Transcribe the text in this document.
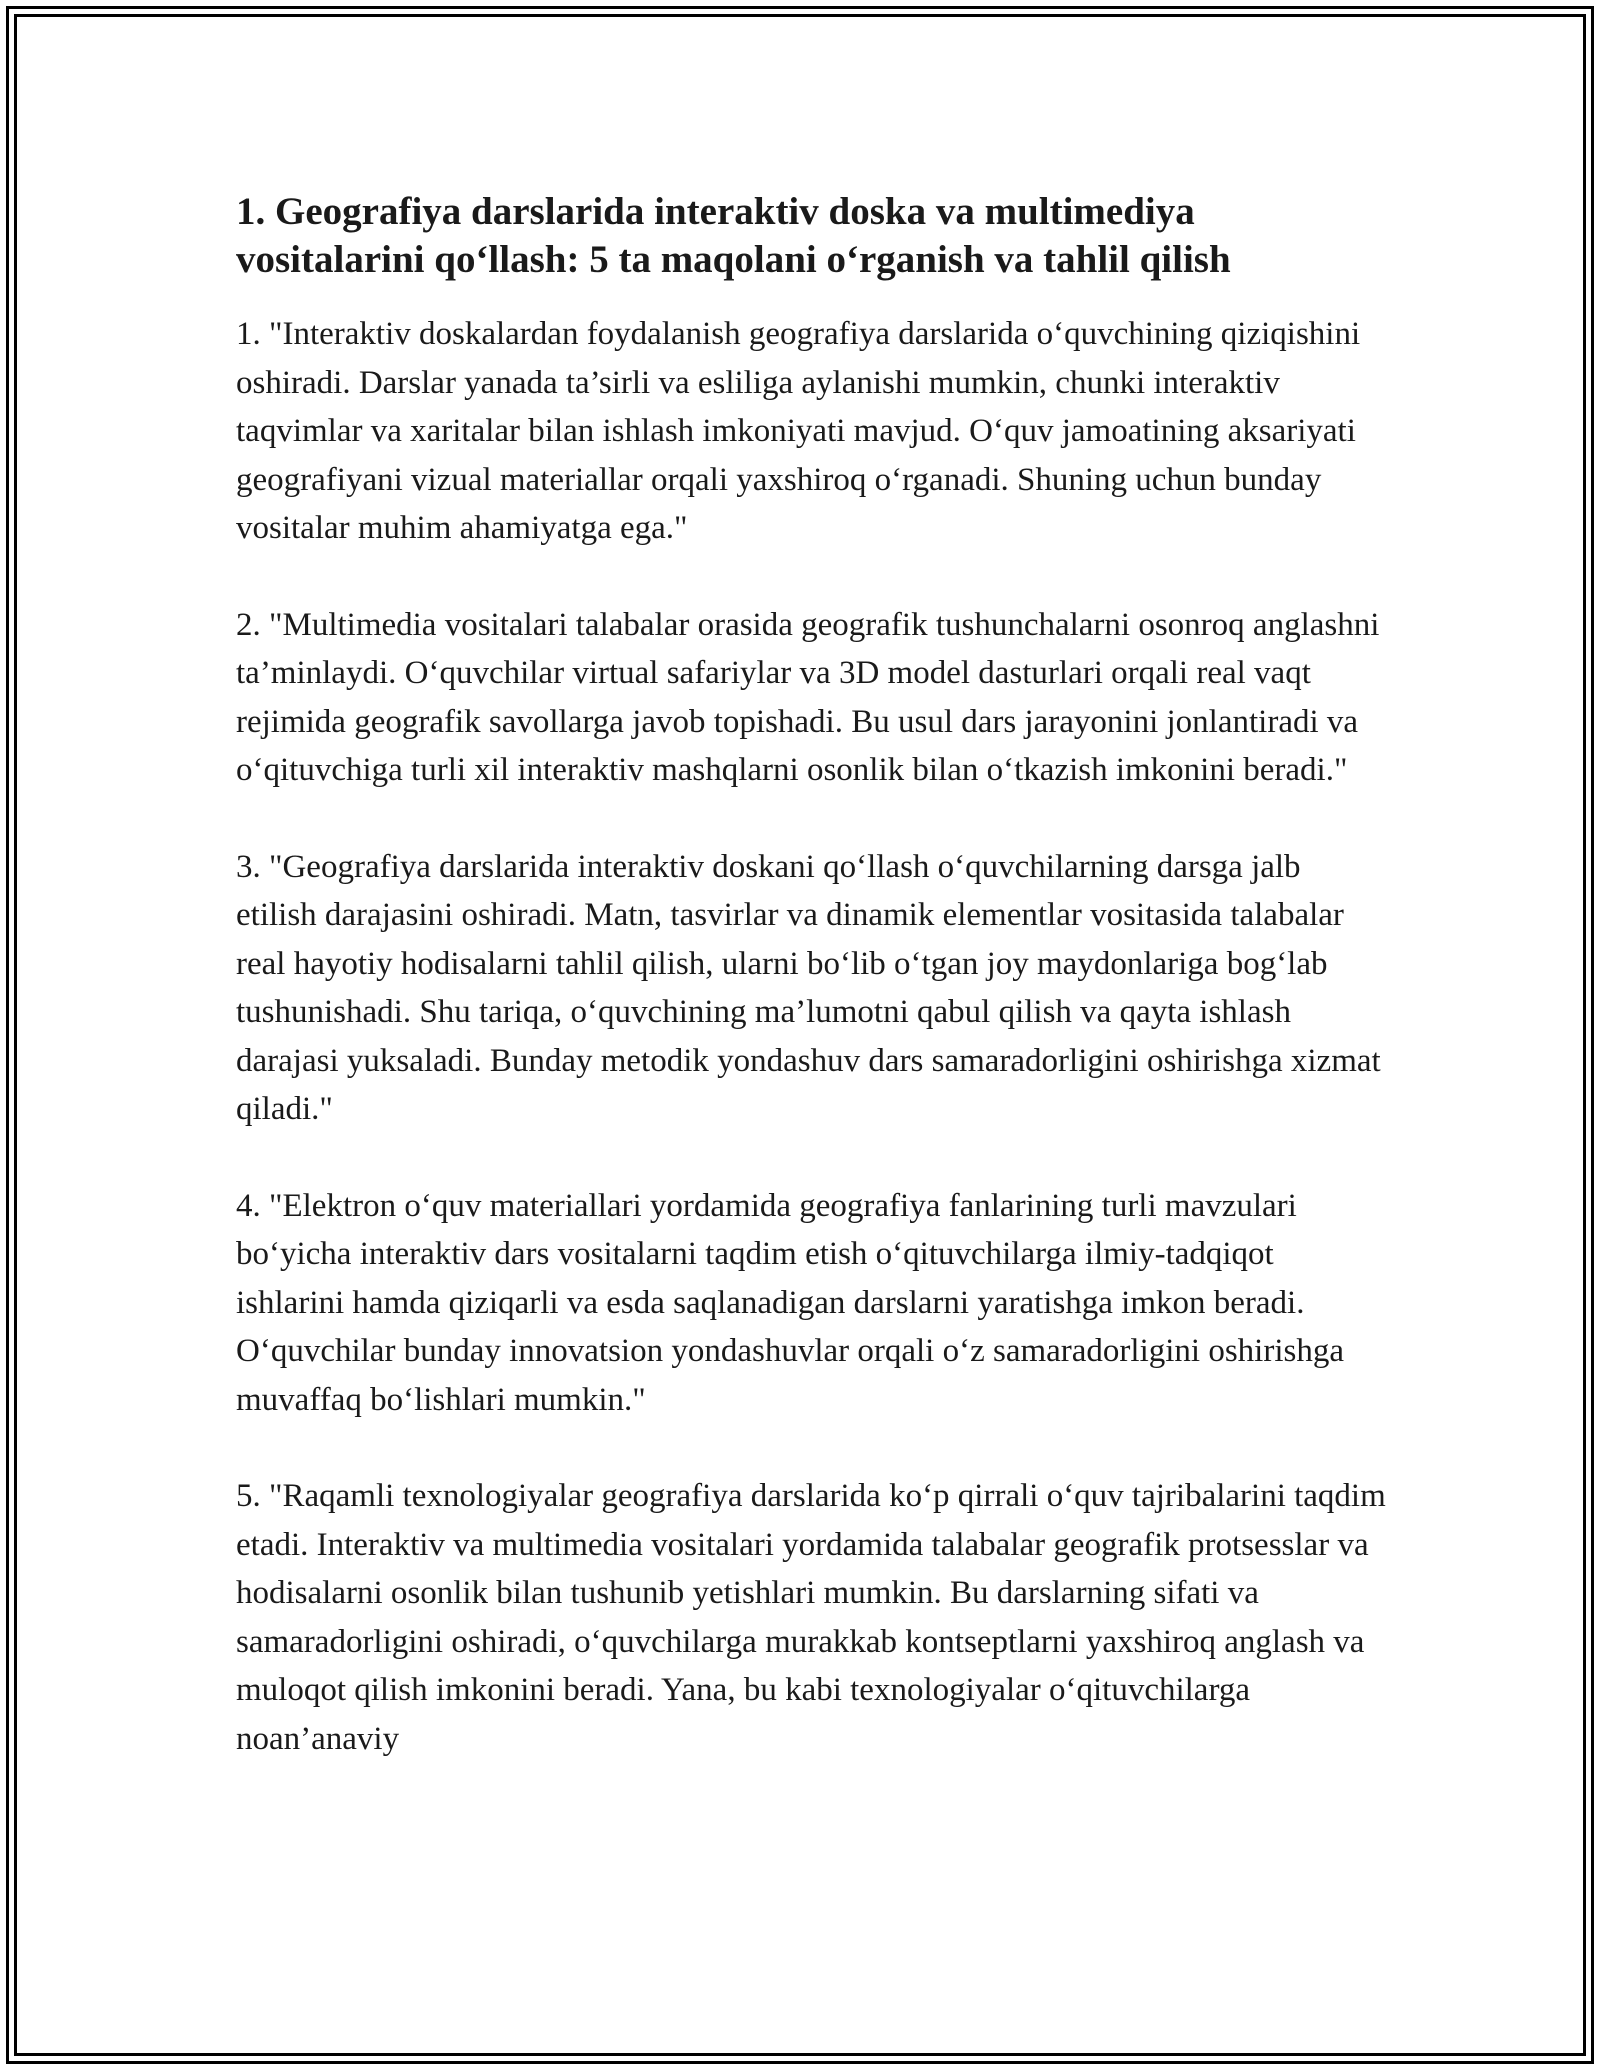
1. Geografiya darslarida interaktiv doska va multimediya vositalarini qo‘llash: 5 ta maqolani o‘rganish va tahlil qilish

1. "Interaktiv doskalardan foydalanish geografiya darslarida o‘quvchining qiziqishini oshiradi. Darslar yanada ta’sirli va esliliga aylanishi mumkin, chunki interaktiv taqvimlar va xaritalar bilan ishlash imkoniyati mavjud. O‘quv jamoatining aksariyati geografiyani vizual materiallar orqali yaxshiroq o‘rganadi. Shuning uchun bunday vositalar muhim ahamiyatga ega."

2. "Multimedia vositalari talabalar orasida geografik tushunchalarni osonroq anglashni ta’minlaydi. O‘quvchilar virtual safariylar va 3D model dasturlari orqali real vaqt rejimida geografik savollarga javob topishadi. Bu usul dars jarayonini jonlantiradi va o‘qituvchiga turli xil interaktiv mashqlarni osonlik bilan o‘tkazish imkonini beradi."

3. "Geografiya darslarida interaktiv doskani qo‘llash o‘quvchilarning darsga jalb etilish darajasini oshiradi. Matn, tasvirlar va dinamik elementlar vositasida talabalar real hayotiy hodisalarni tahlil qilish, ularni bo‘lib o‘tgan joy maydonlariga bog‘lab tushunishadi. Shu tariqa, o‘quvchining ma’lumotni qabul qilish va qayta ishlash darajasi yuksaladi. Bunday metodik yondashuv dars samaradorligini oshirishga xizmat qiladi."

4. "Elektron o‘quv materiallari yordamida geografiya fanlarining turli mavzulari bo‘yicha interaktiv dars vositalarni taqdim etish o‘qituvchilarga ilmiy-tadqiqot ishlarini hamda qiziqarli va esda saqlanadigan darslarni yaratishga imkon beradi. O‘quvchilar bunday innovatsion yondashuvlar orqali o‘z samaradorligini oshirishga muvaffaq bo‘lishlari mumkin."

5. "Raqamli texnologiyalar geografiya darslarida ko‘p qirrali o‘quv tajribalarini taqdim etadi. Interaktiv va multimedia vositalari yordamida talabalar geografik protsesslar va hodisalarni osonlik bilan tushunib yetishlari mumkin. Bu darslarning sifati va samaradorligini oshiradi, o‘quvchilarga murakkab kontseptlarni yaxshiroq anglash va muloqot qilish imkonini beradi. Yana, bu kabi texnologiyalar o‘qituvchilarga noan’anaviy
